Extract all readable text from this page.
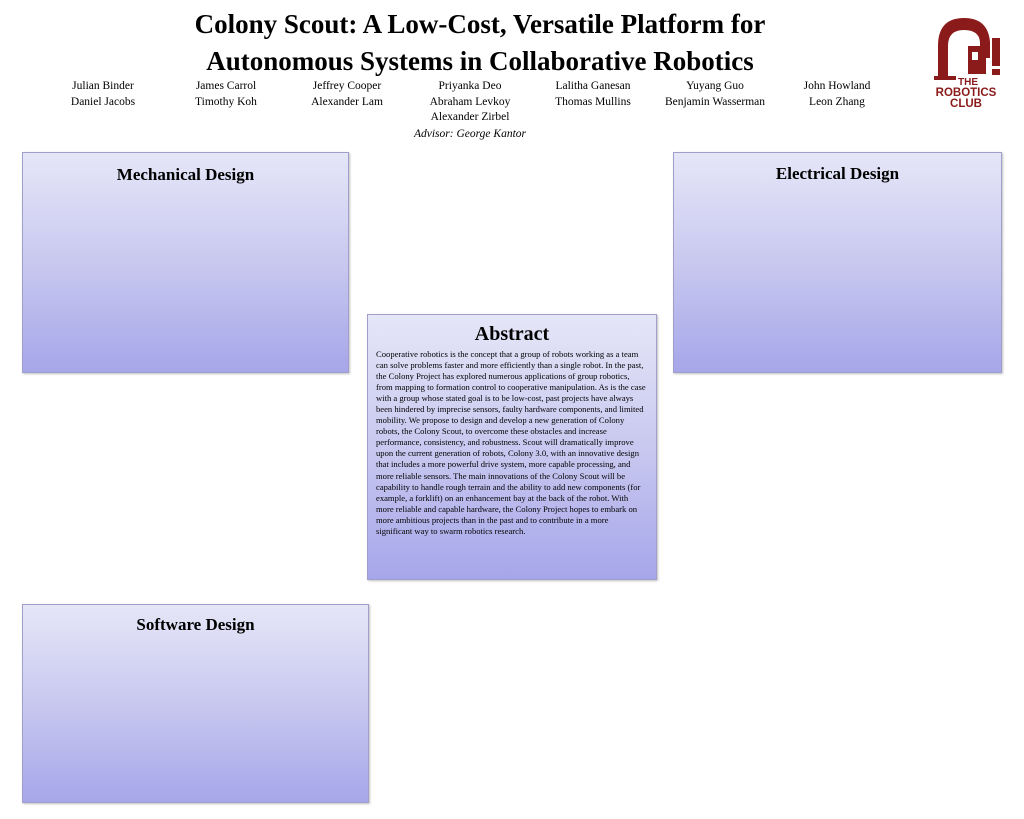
Colony Scout: A Low-Cost, Versatile Platform for
Autonomous Systems in Collaborative Robotics
Julian Binder
Daniel Jacobs
James Carrol
Timothy Koh
Jeffrey Cooper
Alexander Lam
Priyanka Deo
Abraham Levkoy
Alexander Zirbel
Lalitha Ganesan
Thomas Mullins
Yuyang Guo
Benjamin Wasserman
John Howland
Leon Zhang
Advisor: George Kantor
THE
ROBOTICS
CLUB
Mechanical Design	Electrical Design
Abstract

Cooperative robotics is the concept that a group of robots working as a team can solve problems faster and more efficiently than a single robot. In the past, the Colony Project has explored numerous applications of group robotics, from mapping to formation control to cooperative manipulation. As is the case with a group whose stated goal is to be low-cost, past projects have always been hindered by imprecise sensors, faulty hardware components, and limited mobility. We propose to design and develop a new generation of Colony robots, the Colony Scout, to overcome these obstacles and increase performance, consistency, and robustness. Scout will dramatically improve upon the current generation of robots, Colony 3.0, with an innovative design that includes a more powerful drive system, more capable processing, and more reliable sensors. The main innovations of the Colony Scout will be capability to handle rough terrain and the ability to add new components (for example, a forklift) on an enhancement bay at the back of the robot. With more reliable and capable hardware, the Colony Project hopes to embark on more ambitious projects than in the past and to contribute in a more significant way to swarm robotics research.

Software Design
